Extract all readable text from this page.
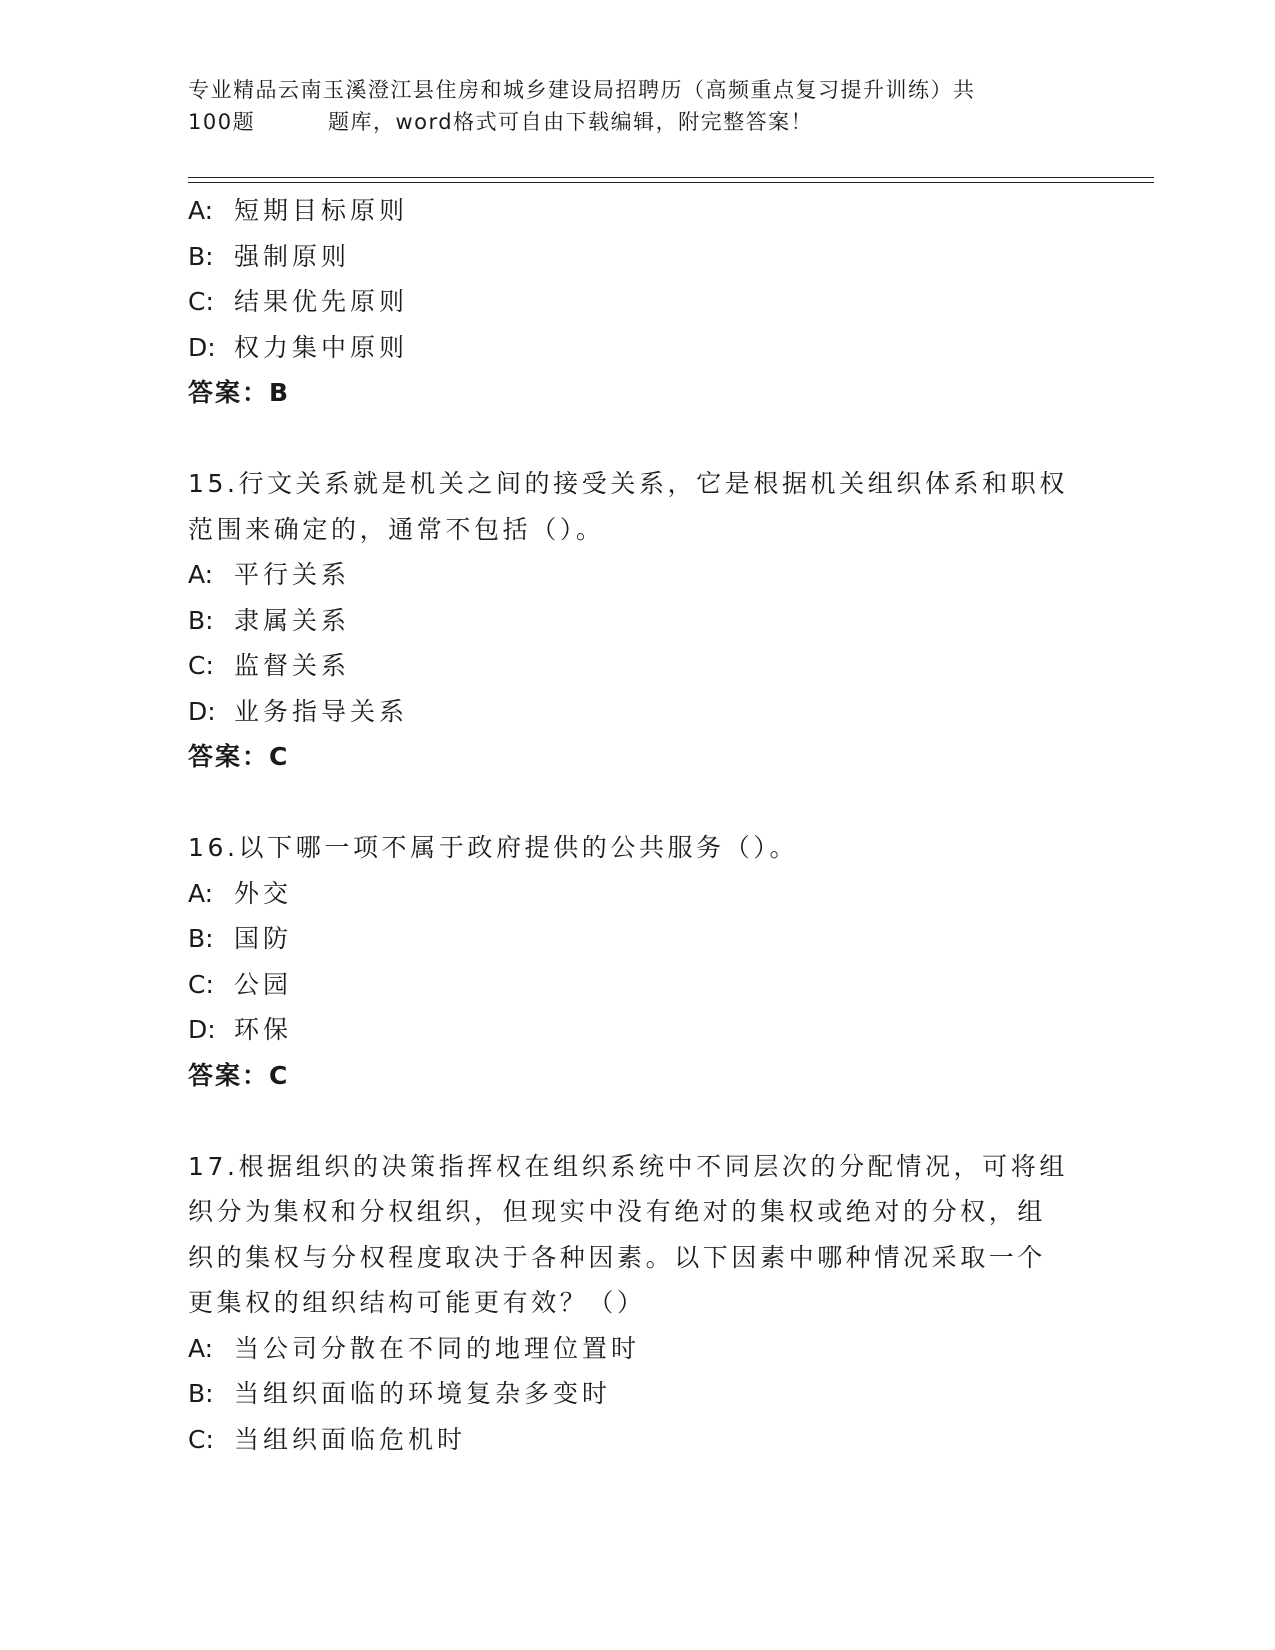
专业精品云南玉溪澄江县住房和城乡建设局招聘历（高频重点复习提升训练）共
100题	题库，word格式可自由下载编辑，附完整答案！
A: 短期目标原则
B: 强制原则
C: 结果优先原则
D: 权力集中原则
答案：B
15.行文关系就是机关之间的接受关系，它是根据机关组织体系和职权
范围来确定的，通常不包括（）。
A: 平行关系
B: 隶属关系
C: 监督关系
D: 业务指导关系
答案：C
16.以下哪一项不属于政府提供的公共服务（）。
A: 外交
B: 国防
C: 公园
D: 环保
答案：C
17.根据组织的决策指挥权在组织系统中不同层次的分配情况，可将组
织分为集权和分权组织，但现实中没有绝对的集权或绝对的分权，组
织的集权与分权程度取决于各种因素。以下因素中哪种情况采取一个
更集权的组织结构可能更有效？（）
A: 当公司分散在不同的地理位置时
B: 当组织面临的环境复杂多变时
C: 当组织面临危机时
